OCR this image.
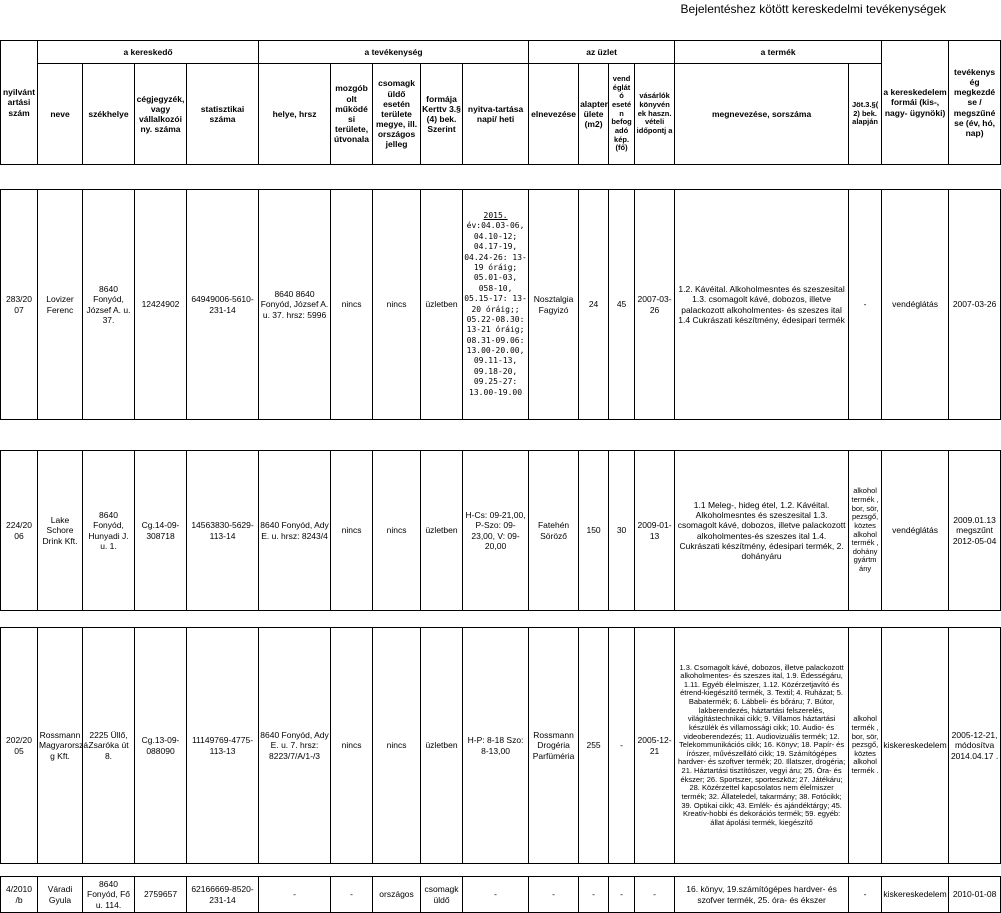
Bejelentéshez kötött kereskedelmi tevékenységek
nyilvánt artási szám	a kereskedő				a tevékenység					az üzlet				a termék		a kereskedelem formái (kis-, nagy- ügynöki)	tevékenys ég megkezdé se / megszűné se (év, hó, nap)
	neve	székhelye	cégjegyzék, vagy vállalkozói ny. száma	statisztikai száma	helye, hrsz	mozgób olt működé si területe, útvonala	csomagk üldő esetén területe megye, ill. országos jelleg	formája Kerttv 3.§ (4) bek. Szerint	nyitva-tartása napi/ heti	elnevezése	alapter ülete (m2)	vend églát ó eseté n befog adó kép. (fő)	vásárlók könyvén ek haszn. vételi időpontj a	megnevezése, sorszáma	Jöt.3.§( 2) bek. alapján		

283/20 07	Lovizer Ferenc	8640 Fonyód, József A. u. 37.	12424902	64949006-5610-231-14	8640 8640 Fonyód, József A. u. 37. hrsz: 5996	nincs	nincs	üzletben	2015. év:04.03-06, 04.10-12; 04.17-19, 04.24-26: 13-19 óráig; 05.01-03, 058-10, 05.15-17: 13-20 óráig;; 05.22-08.30: 13-21 óráig; 08.31-09.06: 13.00-20.00, 09.11-13, 09.18-20, 09.25-27: 13.00-19.00	Nosztalgia Fagyizó	24	45	2007-03-26	1.2. Kávéital. Alkoholmesntes és szeszesital 1.3. csomagolt kávé, dobozos, illetve palackozott alkoholmentes- és szeszes ital 1.4 Cukrászati készítmény, édesipari termék	-	vendéglátás	2007-03-26

224/20 06	Lake Schore Drink Kft.	8640 Fonyód, Hunyadi J. u. 1.	Cg.14-09-308718	14563830-5629-113-14	8640 Fonyód, Ady E. u. hrsz: 8243/4	nincs	nincs	üzletben	H-Cs: 09-21,00, P-Szo: 09-23,00, V: 09-20,00	Fatehén Söröző	150	30	2009-01-13	1.1 Meleg-, hideg étel, 1.2. Kávéital. Alkoholmesntes és szeszesital 1.3. csomagolt kávé, dobozos, illetve palackozott alkoholmentes-és szeszes ital 1.4. Cukrászati készítmény, édesipari termék, 2. dohányáru	alkohol termék , bor, sör, pezsgő, köztes alkohol termék , dohány gyártm ány	vendéglátás	2009.01.13 megszűnt 2012-05-04

202/20 05	Rossmann Magyarorszá g Kft.	2225 Üllő, Zsaróka út 8.	Cg.13-09-088090	11149769-4775-113-13	8640 Fonyód, Ady E. u. 7. hrsz: 8223/7/A/1-/3	nincs	nincs	üzletben	H-P: 8-18 Szo: 8-13,00	Rossmann Drogéria Parfüméria	255	-	2005-12-21	1.3. Csomagolt kávé, dobozos, illetve palackozott alkoholmentes- és szeszes ital, 1.9. Édességáru, 1.11. Egyéb élelmiszer, 1.12. Közérzetjavító és étrend-kiegészítő termék, 3. Textil; 4. Ruházat; 5. Babatermék; 6. Lábbeli- és bőráru; 7. Bútor, lakberendezés, háztartási felszerelés, világítástechnikai cikk; 9. Villamos háztartási készülék és villamossági cikk; 10. Audio- és videoberendezés; 11. Audiovizuális termék; 12. Telekommunikációs cikk; 16. Könyv; 18. Papír- és írószer, művészellátó cikk; 19. Számítógépes hardver- és szoftver termék; 20. Illatszer, drogéria; 21. Háztartási tisztítószer, vegyi áru; 25. Óra- és ékszer; 26. Sportszer, sporteszköz; 27. Játékáru; 28. Közérzettel kapcsolatos nem élelmiszer termék; 32. Állateledel, takarmány; 38. Fotócikk; 39. Optikai cikk; 43. Emlék- és ajándéktárgy; 45. Kreatív-hobbi és dekorációs termék; 59. egyéb: állat ápolási termék, kiegészítő	alkohol termék , bor, sör, pezsgő, köztes alkohol termék .	kiskereskedelem	2005-12-21, módosítva 2014.04.17 .

4/2010 /b	Váradi Gyula	8640 Fonyód, Fő u. 114.	2759657	62166669-8520-231-14	-	-	országos	csomagk üldő	-	-	-	-	-	16. könyv, 19.számítógépes hardver- és szofver termék, 25. óra- és ékszer	-	kiskereskedelem	2010-01-08
